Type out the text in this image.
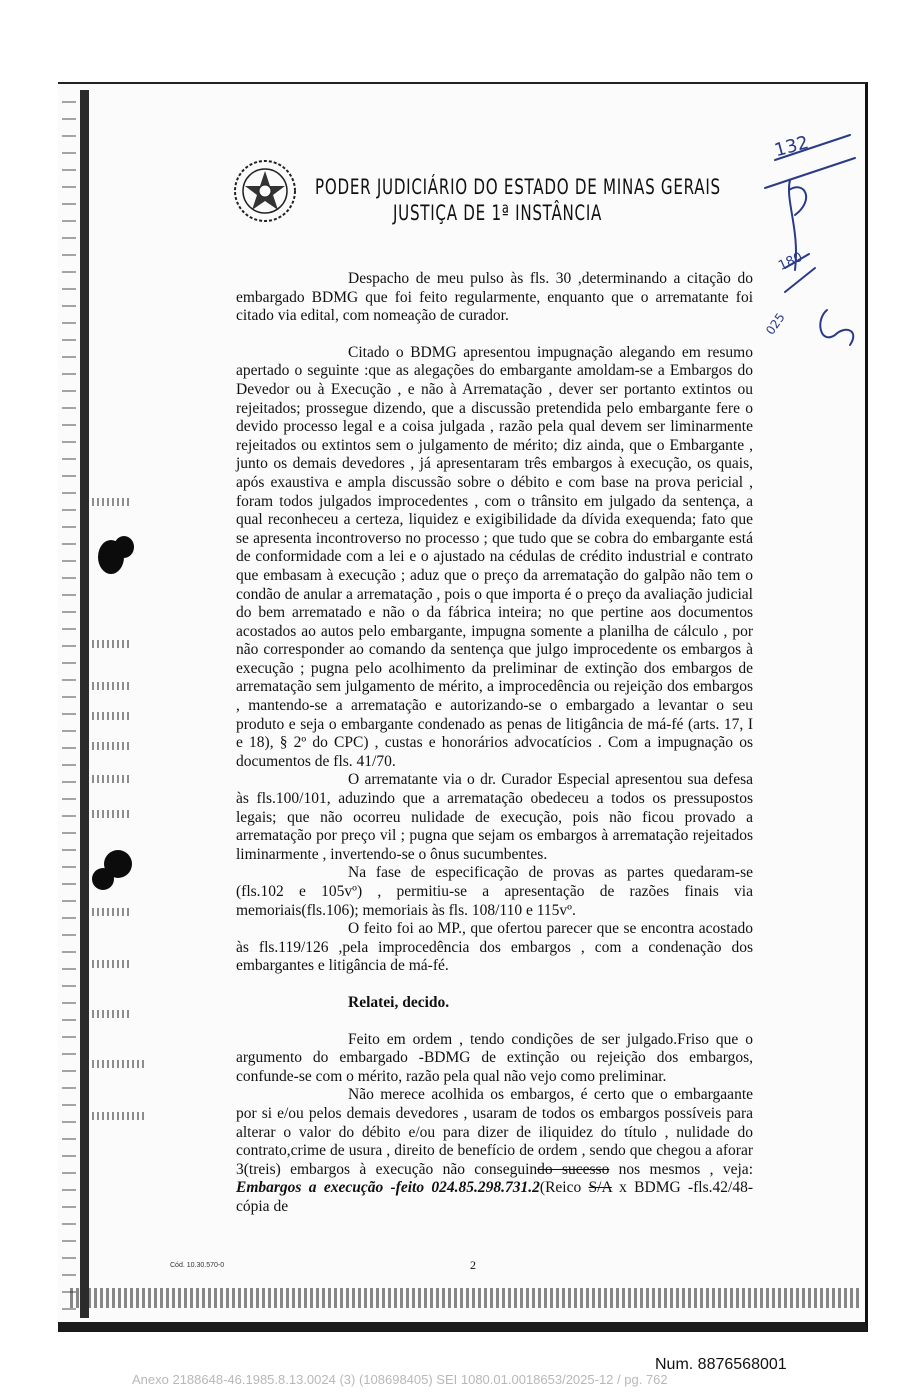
PODER JUDICIÁRIO DO ESTADO DE MINAS GERAIS
JUSTIÇA DE 1ª INSTÂNCIA
132
180
025

Despacho de meu pulso às fls. 30 ,determinando a citação do embargado BDMG que foi feito regularmente, enquanto que o arrematante foi citado via edital, com nomeação de curador.

Citado o BDMG apresentou impugnação alegando em resumo apertado o seguinte :que as alegações do embargante amoldam-se a Embargos do Devedor ou à Execução , e não à Arrematação , dever ser portanto extintos ou rejeitados; prossegue dizendo, que a discussão pretendida pelo embargante fere o devido processo legal e a coisa julgada , razão pela qual devem ser liminarmente rejeitados ou extintos sem o julgamento de mérito; diz ainda, que o Embargante , junto os demais devedores , já apresentaram três embargos à execução, os quais, após exaustiva e ampla discussão sobre o débito e com base na prova pericial , foram todos julgados improcedentes , com o trânsito em julgado da sentença, a qual reconheceu a certeza, liquidez e exigibilidade da dívida exequenda; fato que se apresenta incontroverso no processo ; que tudo que se cobra do embargante está de conformidade com a lei e o ajustado na cédulas de crédito industrial e contrato que embasam à execução ; aduz que o preço da arrematação do galpão não tem o condão de anular a arrematação , pois o que importa é o preço da avaliação judicial do bem arrematado e não o da fábrica inteira; no que pertine aos documentos acostados ao autos pelo embargante, impugna somente a planilha de cálculo , por não corresponder ao comando da sentença que julgo improcedente os embargos à execução ; pugna pelo acolhimento da preliminar de extinção dos embargos de arrematação sem julgamento de mérito, a improcedência ou rejeição dos embargos , mantendo-se a arrematação e autorizando-se o embargado a levantar o seu produto e seja o embargante condenado as penas de litigância de má-fé (arts. 17, I e 18), § 2º do CPC) , custas e honorários advocatícios . Com a impugnação os documentos de fls. 41/70.

O arrematante via o dr. Curador Especial apresentou sua defesa às fls.100/101, aduzindo que a arrematação obedeceu a todos os pressupostos legais; que não ocorreu nulidade de execução, pois não ficou provado a arrematação por preço vil ; pugna que sejam os embargos à arrematação rejeitados liminarmente , invertendo-se o ônus sucumbentes.

Na fase de especificação de provas as partes quedaram-se (fls.102 e 105vº) , permitiu-se a apresentação de razões finais via memoriais(fls.106); memoriais às fls. 108/110 e 115vº.

O feito foi ao MP., que ofertou parecer que se encontra acostado às fls.119/126 ,pela improcedência dos embargos , com a condenação dos embargantes e litigância de má-fé.

Relatei, decido.

Feito em ordem , tendo condições de ser julgado.Friso que o argumento do embargado -BDMG de extinção ou rejeição dos embargos, confunde-se com o mérito, razão pela qual não vejo como preliminar.

Não merece acolhida os embargos, é certo que o embargaante por si e/ou pelos demais devedores , usaram de todos os embargos possíveis para alterar o valor do débito e/ou para dizer de iliquidez do título , nulidade do contrato,crime de usura , direito de benefício de ordem , sendo que chegou a aforar 3(treis) embargos à execução não conseguindo sucesso nos mesmos , veja: Embargos a execução -feito 024.85.298.731.2(Reico S/A x BDMG -fls.42/48- cópia de

Cód. 10.30.570-0	2
Num. 8876568001
Anexo 2188648-46.1985.8.13.0024 (3) (108698405) SEI 1080.01.0018653/2025-12 / pg. 762
